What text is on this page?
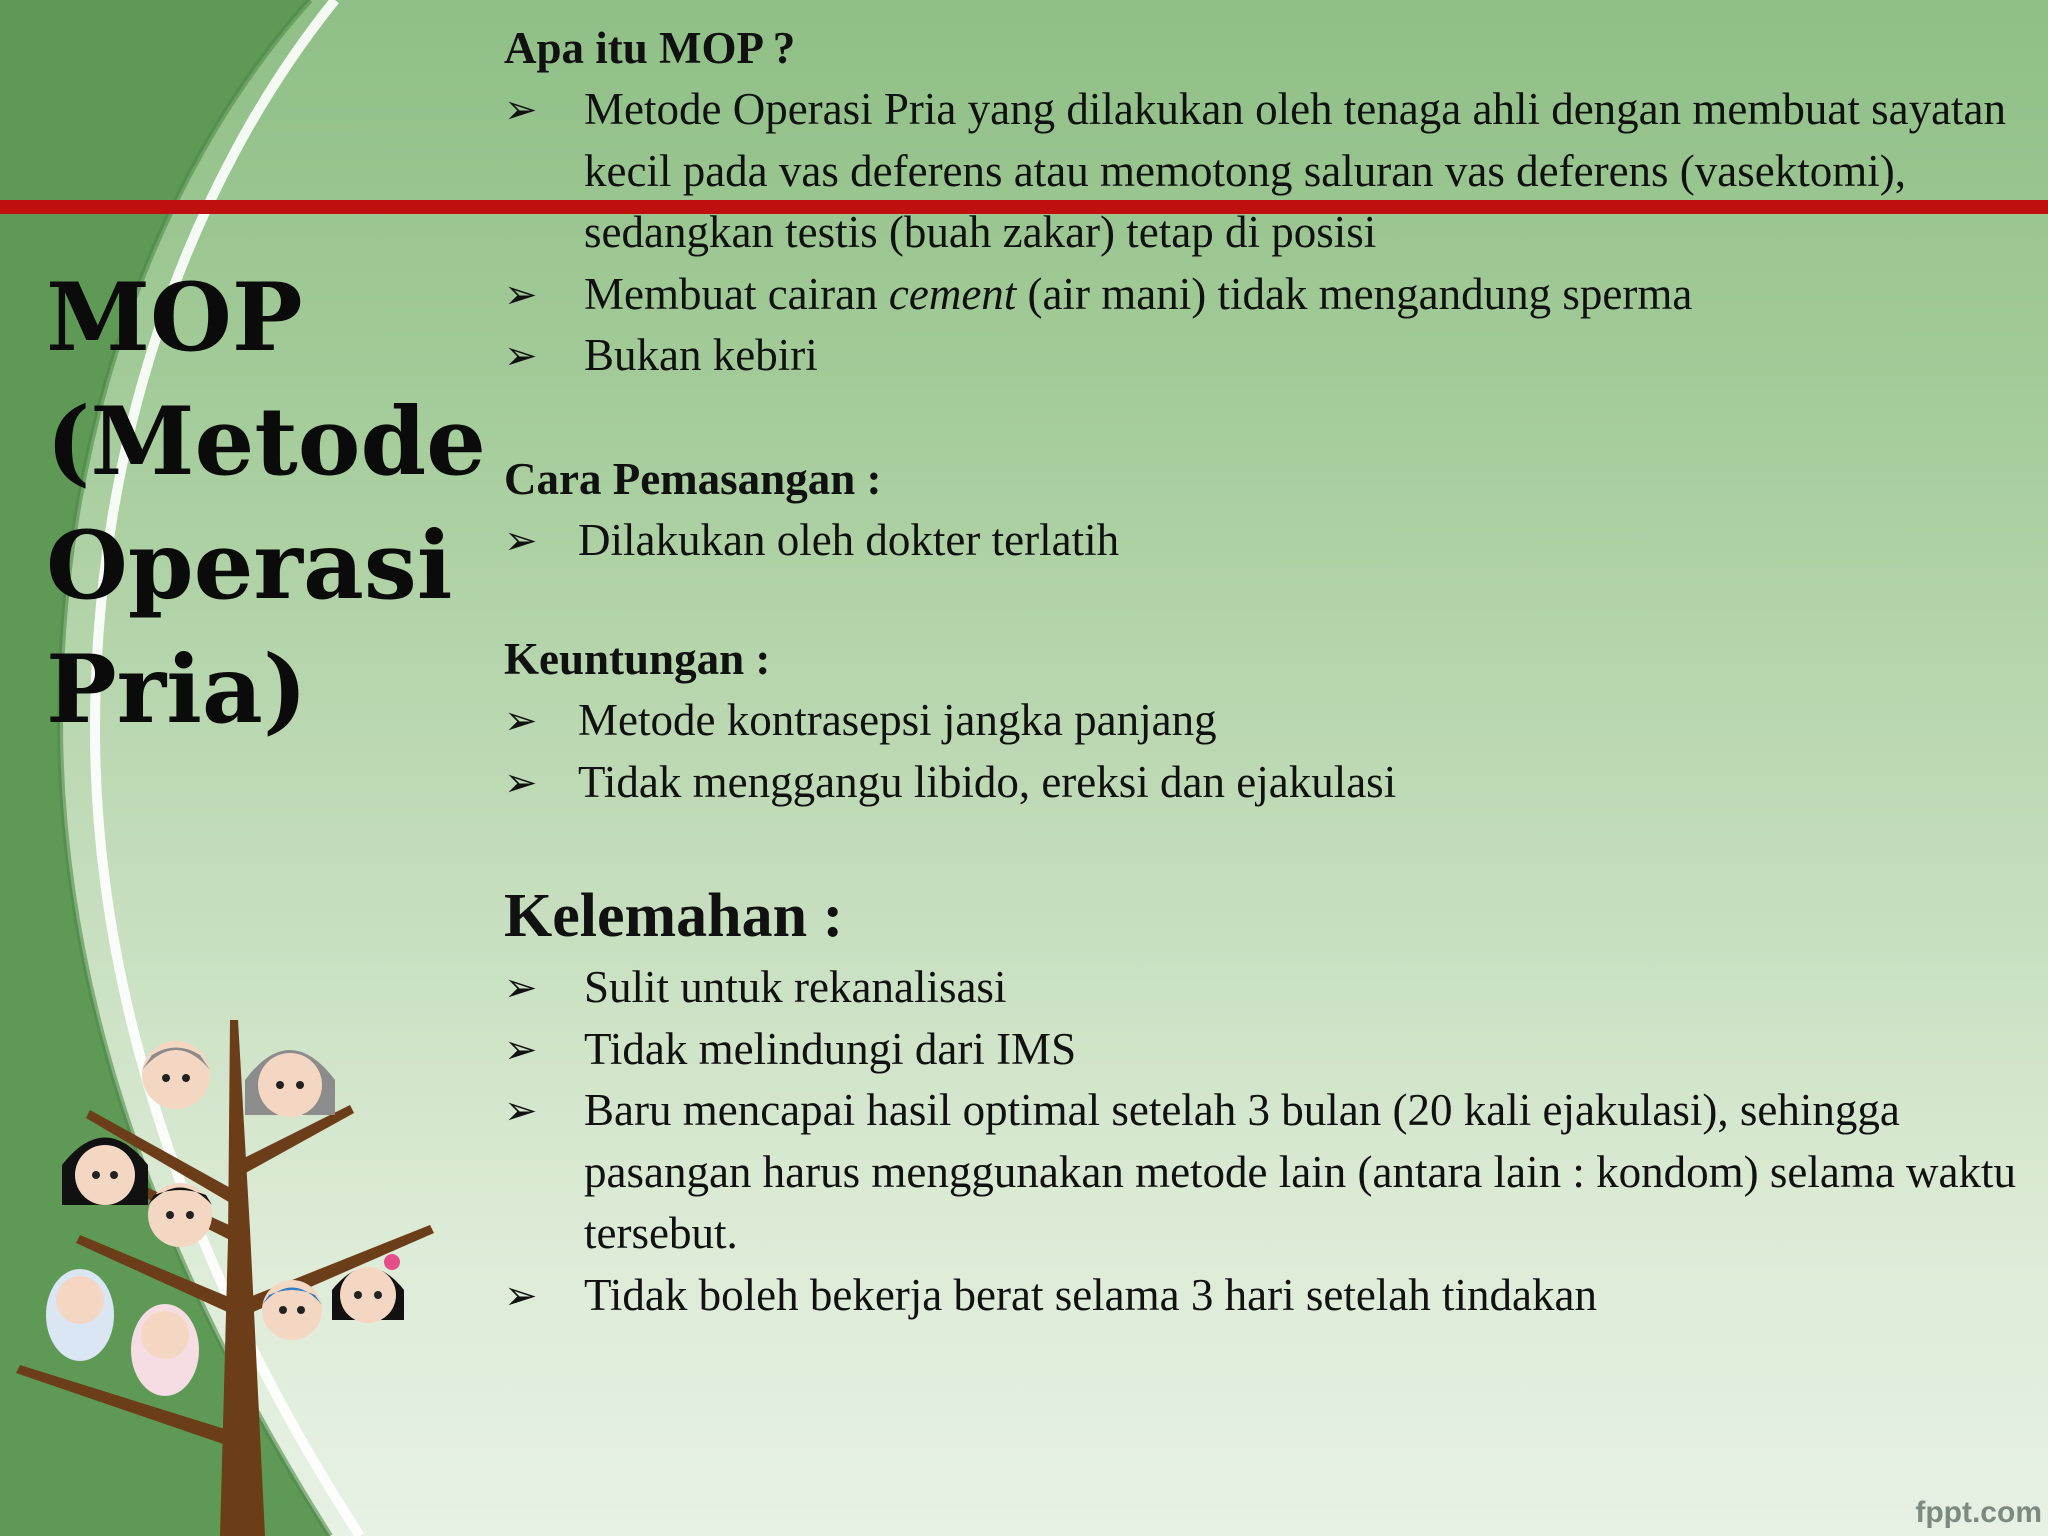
MOP (Metode Operasi Pria)
Apa itu MOP ?
➢ Metode Operasi Pria yang dilakukan oleh tenaga ahli dengan membuat sayatan kecil pada vas deferens atau memotong saluran vas deferens (vasektomi), sedangkan testis (buah zakar) tetap di posisi
➢ Membuat cairan cement (air mani) tidak mengandung sperma
➢ Bukan kebiri
Cara Pemasangan :
➢ Dilakukan oleh dokter terlatih
Keuntungan :
➢ Metode kontrasepsi jangka panjang
➢ Tidak menggangu libido, ereksi dan ejakulasi
Kelemahan :
➢ Sulit untuk rekanalisasi
➢ Tidak melindungi dari IMS
➢ Baru mencapai hasil optimal setelah 3 bulan (20 kali ejakulasi), sehingga pasangan harus menggunakan metode lain (antara lain : kondom) selama waktu tersebut.
➢ Tidak boleh bekerja berat selama 3 hari setelah tindakan
fppt.com
